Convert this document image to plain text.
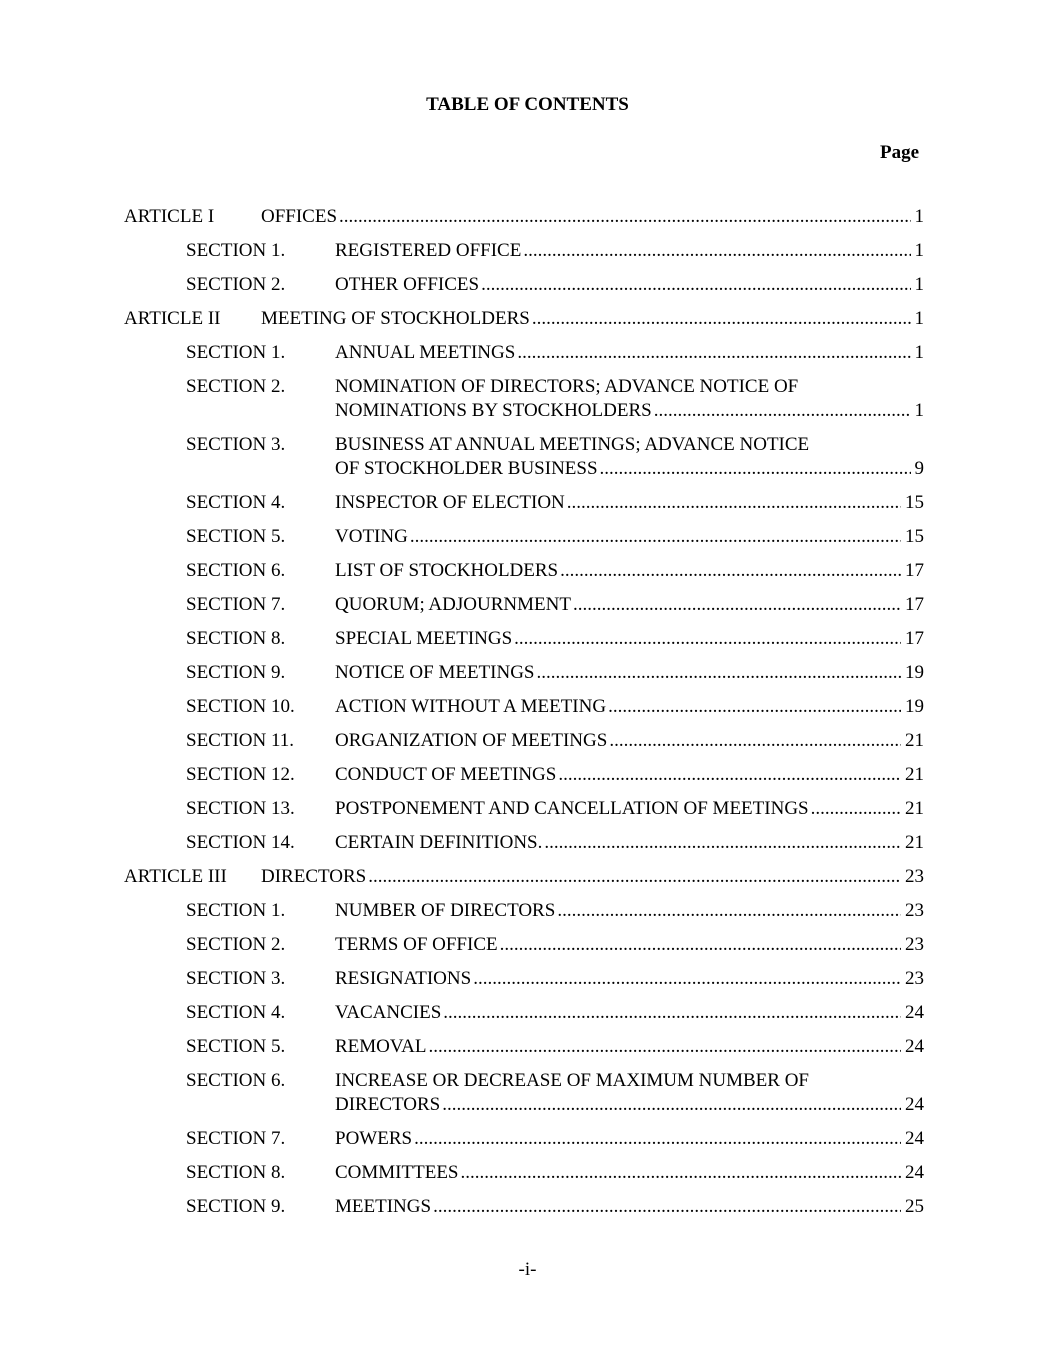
TABLE OF CONTENTS
Page
ARTICLE I OFFICES .....	1
SECTION 1.	REGISTERED OFFICE .....	1
SECTION 2.	OTHER OFFICES .....	1
ARTICLE II MEETING OF STOCKHOLDERS .....	1
SECTION 1.	ANNUAL MEETINGS .....	1
SECTION 2.	NOMINATION OF DIRECTORS; ADVANCE NOTICE OF
NOMINATIONS BY STOCKHOLDERS .....	1
SECTION 3.	BUSINESS AT ANNUAL MEETINGS; ADVANCE NOTICE
OF STOCKHOLDER BUSINESS .....	9
SECTION 4.	INSPECTOR OF ELECTION .....	15
SECTION 5.	VOTING .....	15
SECTION 6.	LIST OF STOCKHOLDERS .....	17
SECTION 7.	QUORUM; ADJOURNMENT .....	17
SECTION 8.	SPECIAL MEETINGS .....	17
SECTION 9.	NOTICE OF MEETINGS .....	19
SECTION 10. ACTION WITHOUT A MEETING .....	19
SECTION 11. ORGANIZATION OF MEETINGS .....	21
SECTION 12. CONDUCT OF MEETINGS .....	21
SECTION 13. POSTPONEMENT AND CANCELLATION OF MEETINGS .....	21
SECTION 14. CERTAIN DEFINITIONS. .....	21
ARTICLE III DIRECTORS .....	23
SECTION 1.	NUMBER OF DIRECTORS .....	23
SECTION 2.	TERMS OF OFFICE .....	23
SECTION 3.	RESIGNATIONS .....	23
SECTION 4.	VACANCIES .....	24
SECTION 5.	REMOVAL .....	24
SECTION 6.	INCREASE OR DECREASE OF MAXIMUM NUMBER OF
DIRECTORS .....	24
SECTION 7.	POWERS .....	24
SECTION 8.	COMMITTEES .....	24
SECTION 9.	MEETINGS .....	25
-i-
